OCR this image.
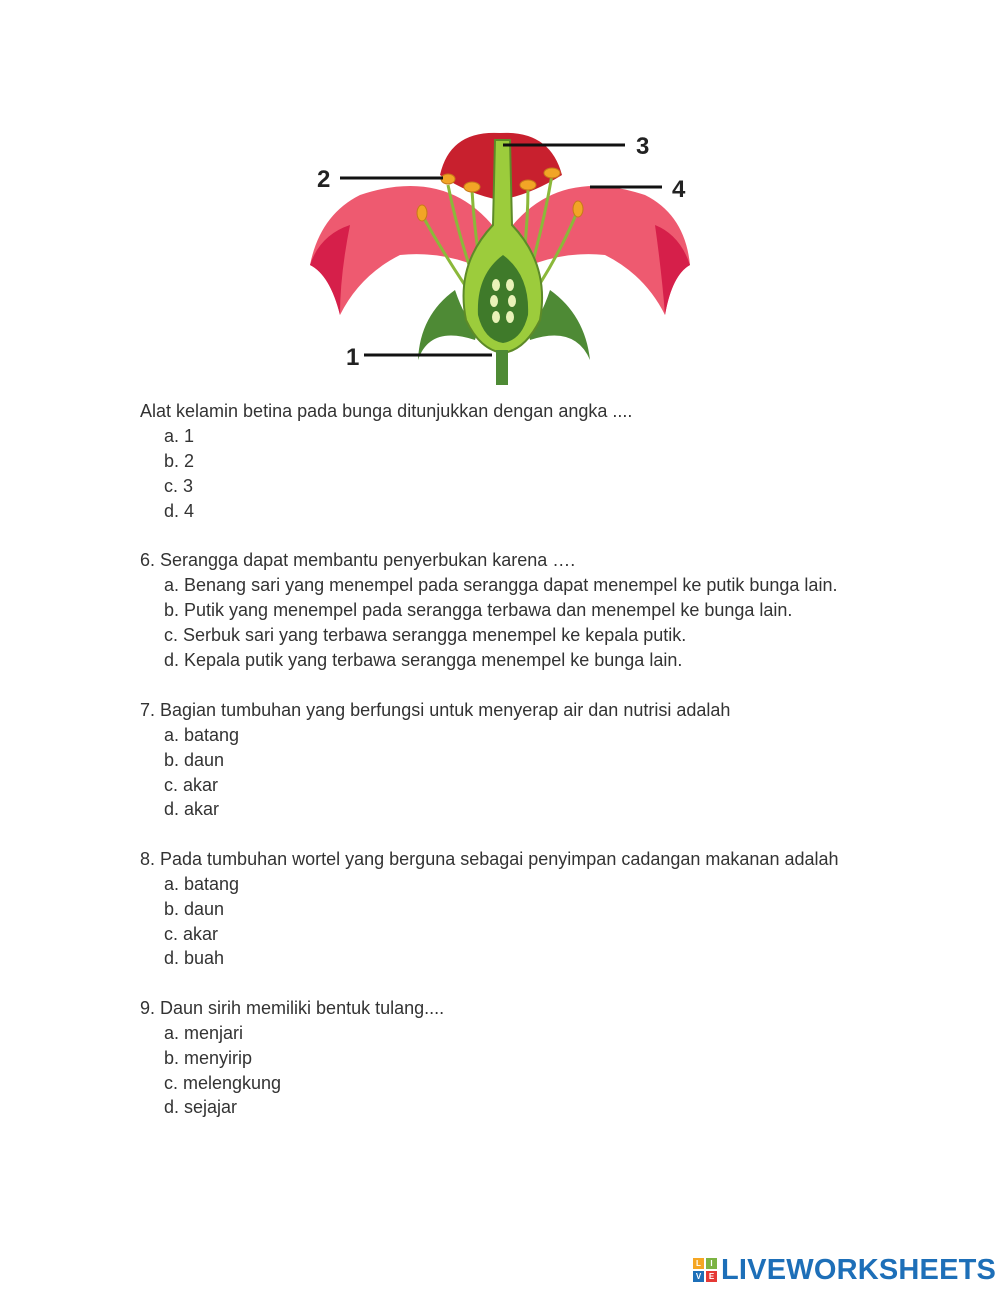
1
2
3
4
Alat kelamin betina pada bunga ditunjukkan dengan angka ....
a. 1
b. 2
c. 3
d. 4
6. Serangga dapat membantu penyerbukan karena ….
a. Benang sari yang menempel pada serangga dapat menempel ke putik bunga lain.
b. Putik yang menempel pada serangga terbawa dan menempel ke bunga lain.
c. Serbuk sari yang terbawa serangga menempel ke kepala putik.
d. Kepala putik yang terbawa serangga menempel ke bunga lain.
7. Bagian tumbuhan yang berfungsi untuk menyerap air dan nutrisi adalah
a. batang
b. daun
c. akar
d. akar
8. Pada tumbuhan wortel yang berguna sebagai penyimpan cadangan makanan adalah
a. batang
b. daun
c. akar
d. buah
9. Daun sirih memiliki bentuk tulang....
a. menjari
b. menyirip
c. melengkung
d. sejajar
L	I
V E LIVEWORKSHEETS
